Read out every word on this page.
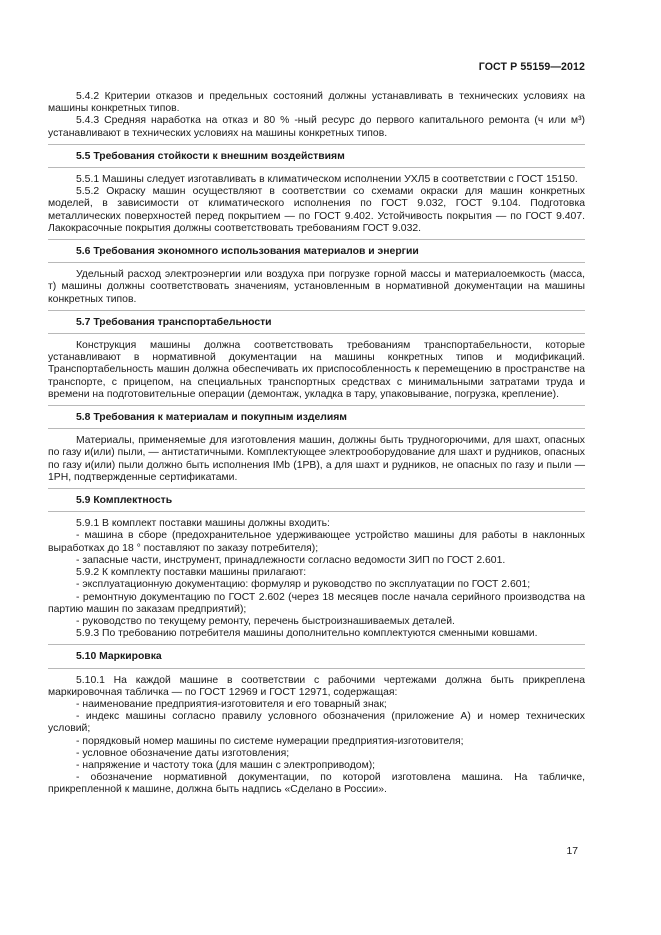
ГОСТ Р 55159—2012

5.4.2 Критерии отказов и предельных состояний должны устанавливать в технических условиях на машины конкретных типов.

5.4.3 Средняя наработка на отказ и 80 % -ный ресурс до первого капитального ремонта (ч или м³) устанавливают в технических условиях на машины конкретных типов.

5.5 Требования стойкости к внешним воздействиям

5.5.1 Машины следует изготавливать в климатическом исполнении УХЛ5 в соответствии с ГОСТ 15150.

5.5.2 Окраску машин осуществляют в соответствии со схемами окраски для машин конкретных моделей, в зависимости от климатического исполнения по ГОСТ 9.032, ГОСТ 9.104. Подготовка металлических поверхностей перед покрытием — по ГОСТ 9.402. Устойчивость покрытия — по ГОСТ 9.407. Лакокрасочные покрытия должны соответствовать требованиям ГОСТ 9.032.

5.6 Требования экономного использования материалов и энергии

Удельный расход электроэнергии или воздуха при погрузке горной массы и материалоемкость (масса, т) машины должны соответствовать значениям, установленным в нормативной документации на машины конкретных типов.

5.7 Требования транспортабельности

Конструкция машины должна соответствовать требованиям транспортабельности, которые устанавливают в нормативной документации на машины конкретных типов и модификаций. Транспортабельность машин должна обеспечивать их приспособленность к перемещению в пространстве на транспорте, с прицепом, на специальных транспортных средствах с минимальными затратами труда и времени на подготовительные операции (демонтаж, укладка в тару, упаковывание, погрузка, крепление).

5.8 Требования к материалам и покупным изделиям

Материалы, применяемые для изготовления машин, должны быть трудногорючими, для шахт, опасных по газу и(или) пыли, — антистатичными. Комплектующее электрооборудование для шахт и рудников, опасных по газу и(или) пыли должно быть исполнения IMb (1PB), а для шахт и рудников, не опасных по газу и пыли — 1PH, подтвержденные сертификатами.

5.9 Комплектность

5.9.1 В комплект поставки машины должны входить:

- машина в сборе (предохранительное удерживающее устройство машины для работы в наклонных выработках до 18 ° поставляют по заказу потребителя);

- запасные части, инструмент, принадлежности согласно ведомости ЗИП по ГОСТ 2.601.

5.9.2 К комплекту поставки машины прилагают:

- эксплуатационную документацию: формуляр и руководство по эксплуатации по ГОСТ 2.601;

- ремонтную документацию по ГОСТ 2.602 (через 18 месяцев после начала серийного производства на партию машин по заказам предприятий);

- руководство по текущему ремонту, перечень быстроизнашиваемых деталей.

5.9.3 По требованию потребителя машины дополнительно комплектуются сменными ковшами.

5.10 Маркировка

5.10.1 На каждой машине в соответствии с рабочими чертежами должна быть прикреплена маркировочная табличка — по ГОСТ 12969 и ГОСТ 12971, содержащая:

- наименование предприятия-изготовителя и его товарный знак;

- индекс машины согласно правилу условного обозначения (приложение А) и номер технических условий;

- порядковый номер машины по системе нумерации предприятия-изготовителя;

- условное обозначение даты изготовления;

- напряжение и частоту тока (для машин с электроприводом);

- обозначение нормативной документации, по которой изготовлена машина. На табличке, прикрепленной к машине, должна быть надпись «Сделано в России».

17
